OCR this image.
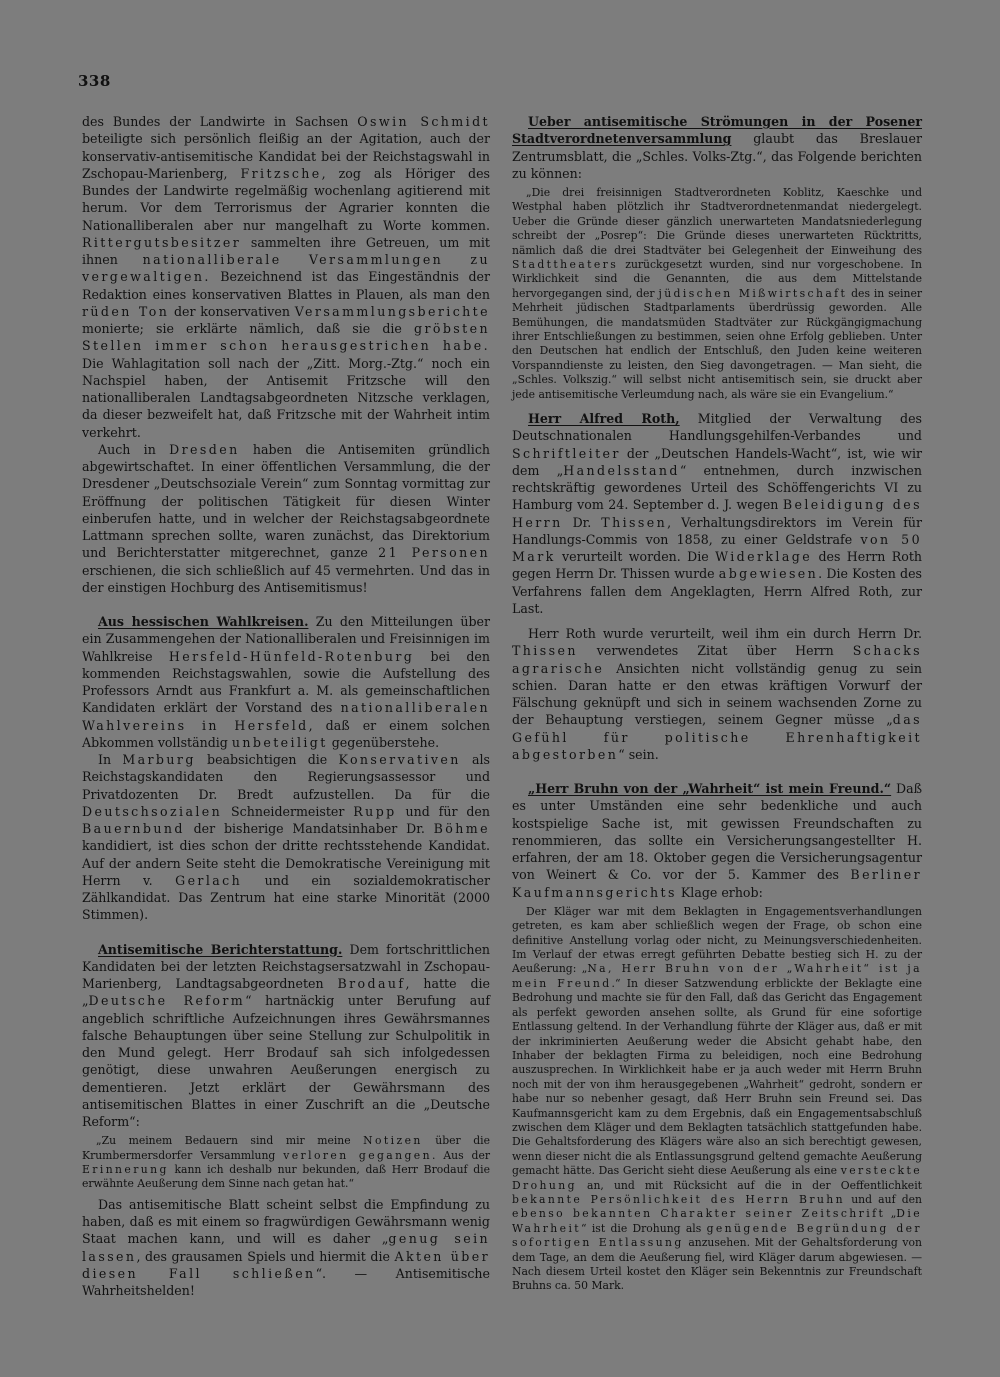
338

des Bundes der Landwirte in Sachsen Oswin Schmidt beteiligte sich persönlich fleißig an der Agitation, auch der konservativ-antisemitische Kandidat bei der Reichstagswahl in Zschopau-Marienberg, Fritzsche, zog als Höriger des Bundes der Landwirte regelmäßig wochenlang agitierend mit herum. Vor dem Terrorismus der Agrarier konnten die Nationalliberalen aber nur mangelhaft zu Worte kommen. Rittergutsbesitzer sammelten ihre Getreuen, um mit ihnen nationalliberale Versammlungen zu vergewaltigen. Bezeichnend ist das Eingeständnis der Redaktion eines konservativen Blattes in Plauen, als man den rüden Ton der konservativen Versammlungsberichte monierte; sie erklärte nämlich, daß sie die gröbsten Stellen immer schon herausgestrichen habe. Die Wahlagitation soll nach der „Zitt. Morg.-Ztg.“ noch ein Nachspiel haben, der Antisemit Fritzsche will den nationalliberalen Landtagsabgeordneten Nitzsche verklagen, da dieser bezweifelt hat, daß Fritzsche mit der Wahrheit intim verkehrt.

Auch in Dresden haben die Antisemiten gründlich abgewirtschaftet. In einer öffentlichen Versammlung, die der Dresdener „Deutschsoziale Verein“ zum Sonntag vormittag zur Eröffnung der politischen Tätigkeit für diesen Winter einberufen hatte, und in welcher der Reichstagsabgeordnete Lattmann sprechen sollte, waren zunächst, das Direktorium und Berichterstatter mitgerechnet, ganze 21 Personen erschienen, die sich schließlich auf 45 vermehrten. Und das in der einstigen Hochburg des Antisemitismus!

Aus hessischen Wahlkreisen. Zu den Mitteilungen über ein Zusammengehen der Nationalliberalen und Freisinnigen im Wahlkreise Hersfeld-Hünfeld-Rotenburg bei den kommenden Reichstagswahlen, sowie die Aufstellung des Professors Arndt aus Frankfurt a. M. als gemeinschaftlichen Kandidaten erklärt der Vorstand des nationalliberalen Wahlvereins in Hersfeld, daß er einem solchen Abkommen vollständig unbeteiligt gegenüberstehe.

In Marburg beabsichtigen die Konservativen als Reichstagskandidaten den Regierungsassessor und Privatdozenten Dr. Bredt aufzustellen. Da für die Deutschsozialen Schneidermeister Rupp und für den Bauernbund der bisherige Mandatsinhaber Dr. Böhme kandidiert, ist dies schon der dritte rechtsstehende Kandidat. Auf der andern Seite steht die Demokratische Vereinigung mit Herrn v. Gerlach und ein sozialdemokratischer Zählkandidat. Das Zentrum hat eine starke Minorität (2000 Stimmen).

Antisemitische Berichterstattung. Dem fortschrittlichen Kandidaten bei der letzten Reichstagsersatzwahl in Zschopau-Marienberg, Landtagsabgeordneten Brodauf, hatte die „Deutsche Reform“ hartnäckig unter Berufung auf angeblich schriftliche Aufzeichnungen ihres Gewährsmannes falsche Behauptungen über seine Stellung zur Schulpolitik in den Mund gelegt. Herr Brodauf sah sich infolgedessen genötigt, diese unwahren Aeußerungen energisch zu dementieren. Jetzt erklärt der Gewährsmann des antisemitischen Blattes in einer Zuschrift an die „Deutsche Reform“:

„Zu meinem Bedauern sind mir meine Notizen über die Krumbermersdorfer Versammlung verloren gegangen. Aus der Erinnerung kann ich deshalb nur bekunden, daß Herr Brodauf die erwähnte Aeußerung dem Sinne nach getan hat.“

Das antisemitische Blatt scheint selbst die Empfindung zu haben, daß es mit einem so fragwürdigen Gewährsmann wenig Staat machen kann, und will es daher „genug sein lassen, des grausamen Spiels und hiermit die Akten über diesen Fall schließen“. — Antisemitische Wahrheitshelden!

Ueber antisemitische Strömungen in der Posener Stadtverordnetenversammlung glaubt das Breslauer Zentrumsblatt, die „Schles. Volks-Ztg.“, das Folgende berichten zu können:

„Die drei freisinnigen Stadtverordneten Koblitz, Kaeschke und Westphal haben plötzlich ihr Stadtverordnetenmandat niedergelegt. Ueber die Gründe dieser gänzlich unerwarteten Mandatsniederlegung schreibt der „Posrep“: Die Gründe dieses unerwarteten Rücktritts, nämlich daß die drei Stadtväter bei Gelegenheit der Einweihung des Stadttheaters zurückgesetzt wurden, sind nur vorgeschobene. In Wirklichkeit sind die Genannten, die aus dem Mittelstande hervorgegangen sind, der jüdischen Mißwirtschaft des in seiner Mehrheit jüdischen Stadtparlaments überdrüssig geworden. Alle Bemühungen, die mandatsmüden Stadtväter zur Rückgängigmachung ihrer Entschließungen zu bestimmen, seien ohne Erfolg geblieben. Unter den Deutschen hat endlich der Entschluß, den Juden keine weiteren Vorspanndienste zu leisten, den Sieg davongetragen. — Man sieht, die „Schles. Volkszig.“ will selbst nicht antisemitisch sein, sie druckt aber jede antisemitische Verleumdung nach, als wäre sie ein Evangelium.“

Herr Alfred Roth, Mitglied der Verwaltung des Deutschnationalen Handlungsgehilfen-Verbandes und Schriftleiter der „Deutschen Handels-Wacht“, ist, wie wir dem „Handelsstand“ entnehmen, durch inzwischen rechtskräftig gewordenes Urteil des Schöffengerichts VI zu Hamburg vom 24. September d. J. wegen Beleidigung des Herrn Dr. Thissen, Verhaltungsdirektors im Verein für Handlungs-Commis von 1858, zu einer Geldstrafe von 50 Mark verurteilt worden. Die Widerklage des Herrn Roth gegen Herrn Dr. Thissen wurde abgewiesen. Die Kosten des Verfahrens fallen dem Angeklagten, Herrn Alfred Roth, zur Last.

Herr Roth wurde verurteilt, weil ihm ein durch Herrn Dr. Thissen verwendetes Zitat über Herrn Schacks agrarische Ansichten nicht vollständig genug zu sein schien. Daran hatte er den etwas kräftigen Vorwurf der Fälschung geknüpft und sich in seinem wachsenden Zorne zu der Behauptung verstiegen, seinem Gegner müsse „das Gefühl für politische Ehrenhaftigkeit abgestorben“ sein.

„Herr Bruhn von der „Wahrheit“ ist mein Freund.“ Daß es unter Umständen eine sehr bedenkliche und auch kostspielige Sache ist, mit gewissen Freundschaften zu renommieren, das sollte ein Versicherungsangestellter H. erfahren, der am 18. Oktober gegen die Versicherungsagentur von Weinert & Co. vor der 5. Kammer des Berliner Kaufmannsgerichts Klage erhob:

Der Kläger war mit dem Beklagten in Engagementsverhandlungen getreten, es kam aber schließlich wegen der Frage, ob schon eine definitive Anstellung vorlag oder nicht, zu Meinungsverschiedenheiten. Im Verlauf der etwas erregt geführten Debatte bestieg sich H. zu der Aeußerung: „Na, Herr Bruhn von der „Wahrheit“ ist ja mein Freund.“ In dieser Satzwendung erblickte der Beklagte eine Bedrohung und machte sie für den Fall, daß das Gericht das Engagement als perfekt geworden ansehen sollte, als Grund für eine sofortige Entlassung geltend. In der Verhandlung führte der Kläger aus, daß er mit der inkriminierten Aeußerung weder die Absicht gehabt habe, den Inhaber der beklagten Firma zu beleidigen, noch eine Bedrohung auszusprechen. In Wirklichkeit habe er ja auch weder mit Herrn Bruhn noch mit der von ihm herausgegebenen „Wahrheit“ gedroht, sondern er habe nur so nebenher gesagt, daß Herr Bruhn sein Freund sei. Das Kaufmannsgericht kam zu dem Ergebnis, daß ein Engagementsabschluß zwischen dem Kläger und dem Beklagten tatsächlich stattgefunden habe. Die Gehaltsforderung des Klägers wäre also an sich berechtigt gewesen, wenn dieser nicht die als Entlassungsgrund geltend gemachte Aeußerung gemacht hätte. Das Gericht sieht diese Aeußerung als eine versteckte Drohung an, und mit Rücksicht auf die in der Oeffentlichkeit bekannte Persönlichkeit des Herrn Bruhn und auf den ebenso bekannten Charakter seiner Zeitschrift „Die Wahrheit“ ist die Drohung als genügende Begründung der sofortigen Entlassung anzusehen. Mit der Gehaltsforderung von dem Tage, an dem die Aeußerung fiel, wird Kläger darum abgewiesen. — Nach diesem Urteil kostet den Kläger sein Bekenntnis zur Freundschaft Bruhns ca. 50 Mark.
